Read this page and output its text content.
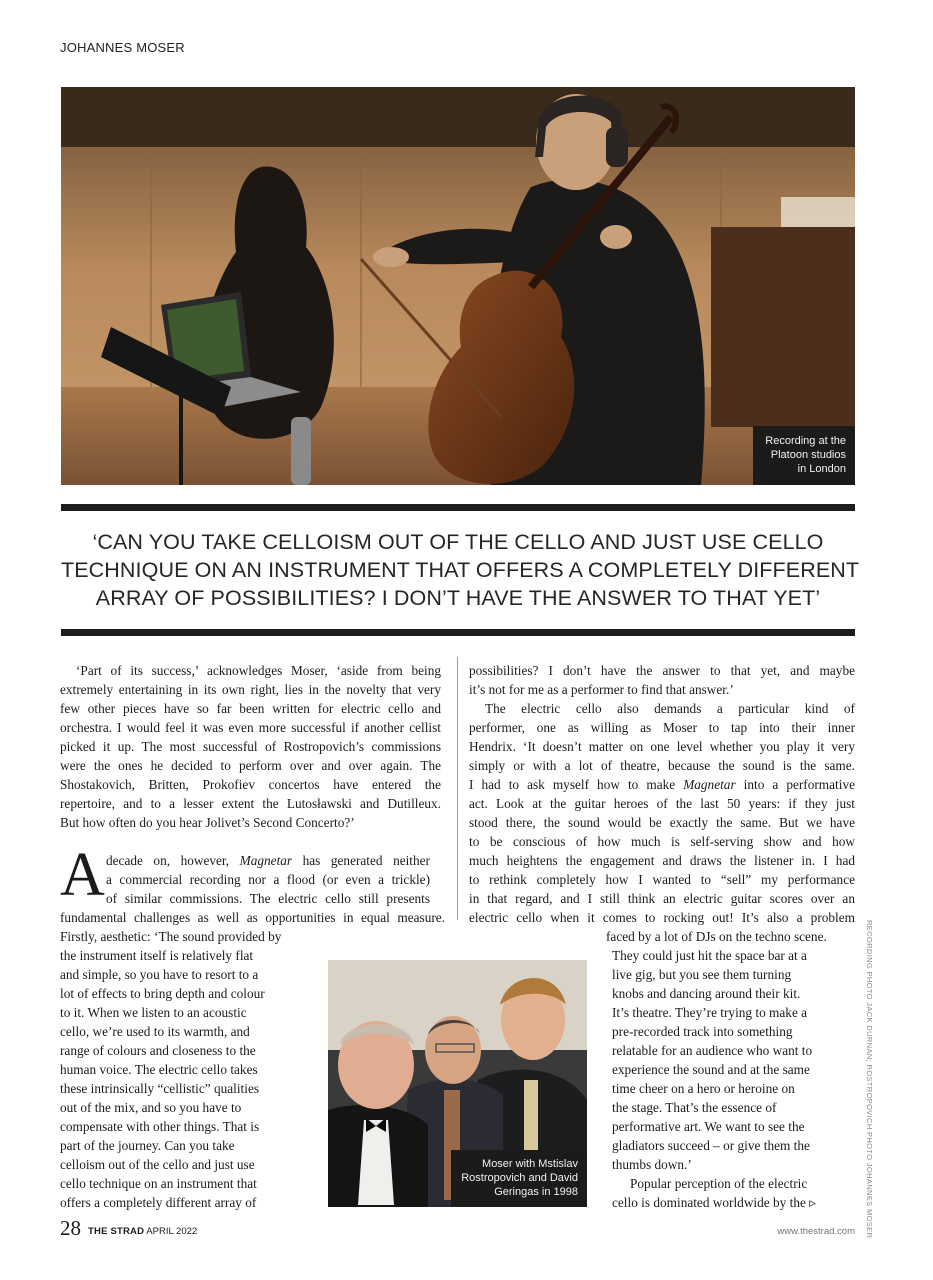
JOHANNES MOSER
Recording at the
Platoon studios
in London
‘CAN YOU TAKE CELLOISM OUT OF THE CELLO AND JUST USE CELLO
TECHNIQUE ON AN INSTRUMENT THAT OFFERS A COMPLETELY DIFFERENT
ARRAY OF POSSIBILITIES? I DON’T HAVE THE ANSWER TO THAT YET’
‘Part of its success,’ acknowledges Moser, ‘aside from being
extremely entertaining in its own right, lies in the novelty that very
few other pieces have so far been written for electric cello and
orchestra. I would feel it was even more successful if another cellist
picked it up. The most successful of Rostropovich’s commissions
were the ones he decided to perform over and over again. The
Shostakovich, Britten, Prokofiev concertos have entered the
repertoire, and to a lesser extent the Lutosławski and Dutilleux.
But how often do you hear Jolivet’s Second Concerto?’
A decade on, however, Magnetar has generated neither
a commercial recording nor a flood (or even a trickle)
of similar commissions. The electric cello still presents
fundamental challenges as well as opportunities in equal measure.
Firstly, aesthetic: ‘The sound provided by
the instrument itself is relatively flat
and simple, so you have to resort to a
lot of effects to bring depth and colour
to it. When we listen to an acoustic
cello, we’re used to its warmth, and
range of colours and closeness to the
human voice. The electric cello takes
these intrinsically “cellistic” qualities
out of the mix, and so you have to
compensate with other things. That is
part of the journey. Can you take
celloism out of the cello and just use
cello technique on an instrument that
offers a completely different array of
possibilities? I don’t have the answer to that yet, and maybe
it’s not for me as a performer to find that answer.’
The electric cello also demands a particular kind of
performer, one as willing as Moser to tap into their inner
Hendrix. ‘It doesn’t matter on one level whether you play it very
simply or with a lot of theatre, because the sound is the same.
I had to ask myself how to make Magnetar into a performative
act. Look at the guitar heroes of the last 50 years: if they just
stood there, the sound would be exactly the same. But we have
to be conscious of how much is self-serving show and how
much heightens the engagement and draws the listener in. I had
to rethink completely how I wanted to “sell” my performance
in that regard, and I still think an electric guitar scores over an
electric cello when it comes to rocking out! It’s also a problem
faced by a lot of DJs on the techno scene.
They could just hit the space bar at a
live gig, but you see them turning
knobs and dancing around their kit.
It’s theatre. They’re trying to make a
pre-recorded track into something
relatable for an audience who want to
experience the sound and at the same
time cheer on a hero or heroine on
the stage. That’s the essence of
performative art. We want to see the
gladiators succeed – or give them the
thumbs down.’
Popular perception of the electric
cello is dominated worldwide by the ▹
Moser with Mstislav
Rostropovich and David
Geringas in 1998	RECORDING PHOTO JACK DURNAN; ROSTROPOVICH PHOTO JOHANNES MOSER
28 THE STRAD APRIL 2022	www.thestrad.com
